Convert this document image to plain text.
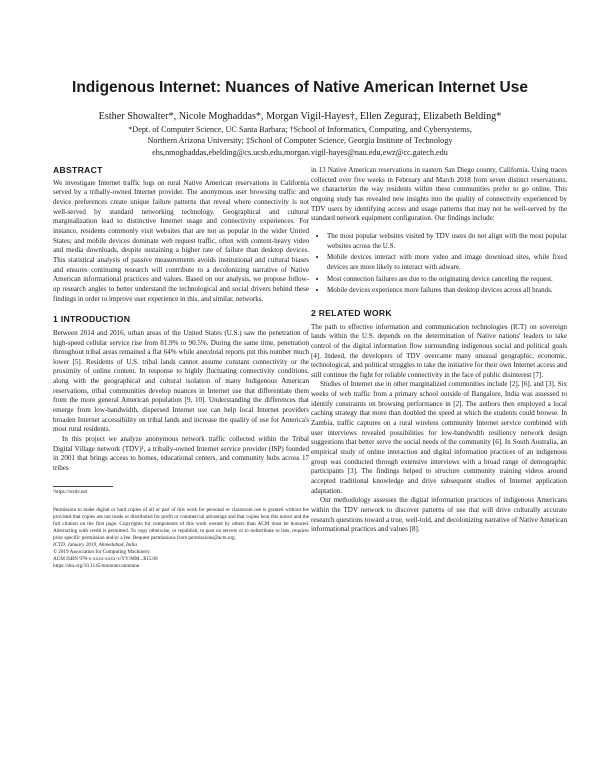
Indigenous Internet: Nuances of Native American Internet Use
Esther Showalter*, Nicole Moghaddas*, Morgan Vigil-Hayes†, Ellen Zegura‡, Elizabeth Belding*
*Dept. of Computer Science, UC Santa Barbara; †School of Informatics, Computing, and Cybersystems,
Northern Arizona University; ‡School of Computer Science, Georgia Institute of Technology
ehs,nmoghaddas,ebelding@cs.ucsb.edu,morgan.vigil-hayes@nau.edu,ewz@cc.gatech.edu
ABSTRACT

We investigate Internet traffic logs on rural Native American reservations in California served by a tribally-owned Internet provider. The anonymous user browsing traffic and device preferences create unique failure patterns that reveal where connectivity is not well-served by standard networking technology. Geographical and cultural marginalization lead to distinctive Internet usage and connectivity experiences. For instance, residents commonly visit websites that are not as popular in the wider United States; and mobile devices dominate web request traffic, often with content-heavy video and media downloads, despite sustaining a higher rate of failure than desktop devices. This statistical analysis of passive measurements avoids institutional and cultural biases and ensures continuing research will contribute to a decolonizing narrative of Native American informational practices and values. Based on our analysis, we propose follow-up research angles to better understand the technological and social drivers behind these findings in order to improve user experience in this, and similar, networks.

1 INTRODUCTION

Between 2014 and 2016, urban areas of the United States (U.S.) saw the penetration of high-speed cellular service rise from 81.9% to 90.5%. During the same time, penetration throughout tribal areas remained a flat 64% while anecdotal reports put this number much lower [5]. Residents of U.S. tribal lands cannot assume constant connectivity or the proximity of online content. In response to highly fluctuating connectivity conditions, along with the geographical and cultural isolation of many Indigenous American reservations, tribal communities develop nuances in Internet use that differentiate them from the more general American population [9, 10]. Understanding the differences that emerge from low-bandwidth, dispersed Internet use can help local Internet providers broaden Internet accessibility on tribal lands and increase the quality of use for America's most rural residents.

In this project we analyze anonymous network traffic collected within the Tribal Digital Village network (TDV)¹, a tribally-owned Internet service provider (ISP) founded in 2001 that brings access to homes, educational centers, and community hubs across 17 tribes

¹https://sctdv.net
Permission to make digital or hard copies of all or part of this work for personal or classroom use is granted without fee provided that copies are not made or distributed for profit or commercial advantage and that copies bear this notice and the full citation on the first page. Copyrights for components of this work owned by others than ACM must be honored. Abstracting with credit is permitted. To copy otherwise, or republish, to post on servers or to redistribute to lists, requires prior specific permission and/or a fee. Request permissions from permissions@acm.org.
ICTD, January 2019, Ahmedabad, India
© 2019 Association for Computing Machinery.
ACM ISBN 978-x-xxxx-xxxx-x/YY/MM...$15.00
https://doi.org/10.1145/nnnnnnn.nnnnnnn

in 13 Native American reservations in eastern San Diego county, California. Using traces collected over five weeks in February and March 2018 from seven distinct reservations, we characterize the way residents within these communities prefer to go online. This ongoing study has revealed new insights into the quality of connectivity experienced by TDV users by identifying access and usage patterns that may not be well-served by the standard network equipment configuration. Our findings include:

• The most popular websites visited by TDV users do not align with the most popular websites across the U.S.
• Mobile devices interact with more video and image download sites, while fixed devices are more likely to interact with adware.
• Most connection failures are due to the originating device canceling the request.
• Mobile devices experience more failures than desktop devices across all brands.
2 RELATED WORK

The path to effective information and communication technologies (ICT) on sovereign lands within the U.S. depends on the determination of Native nations' leaders to take control of the digital information flow surrounding indigenous social and political goals [4]. Indeed, the developers of TDV overcame many unusual geographic, economic, technological, and political struggles to take the initiative for their own Internet access and still continue the fight for reliable connectivity in the face of public disinterest [7].

Studies of Internet use in other marginalized communities include [2], [6], and [3]. Six weeks of web traffic from a primary school outside of Bangalore, India was assessed to identify constraints on browsing performance in [2]. The authors then employed a local caching strategy that more than doubled the speed at which the students could browse. In Zambia, traffic captures on a rural wireless community Internet service combined with user interviews revealed possibilities for low-bandwidth resiliency network design suggestions that better serve the social needs of the community [6]. In South Australia, an empirical study of online interaction and digital information practices of an indigenous group was conducted through extensive interviews with a broad range of demographic participants [3]. The findings helped to structure community training videos around accepted traditional knowledge and drive subsequent studies of Internet application adaptation.

Our methodology assesses the digital information practices of indigenous Americans within the TDV network to discover patterns of use that will drive culturally accurate research questions toward a true, well-told, and decolonizing narrative of Native American informational practices and values [8].
